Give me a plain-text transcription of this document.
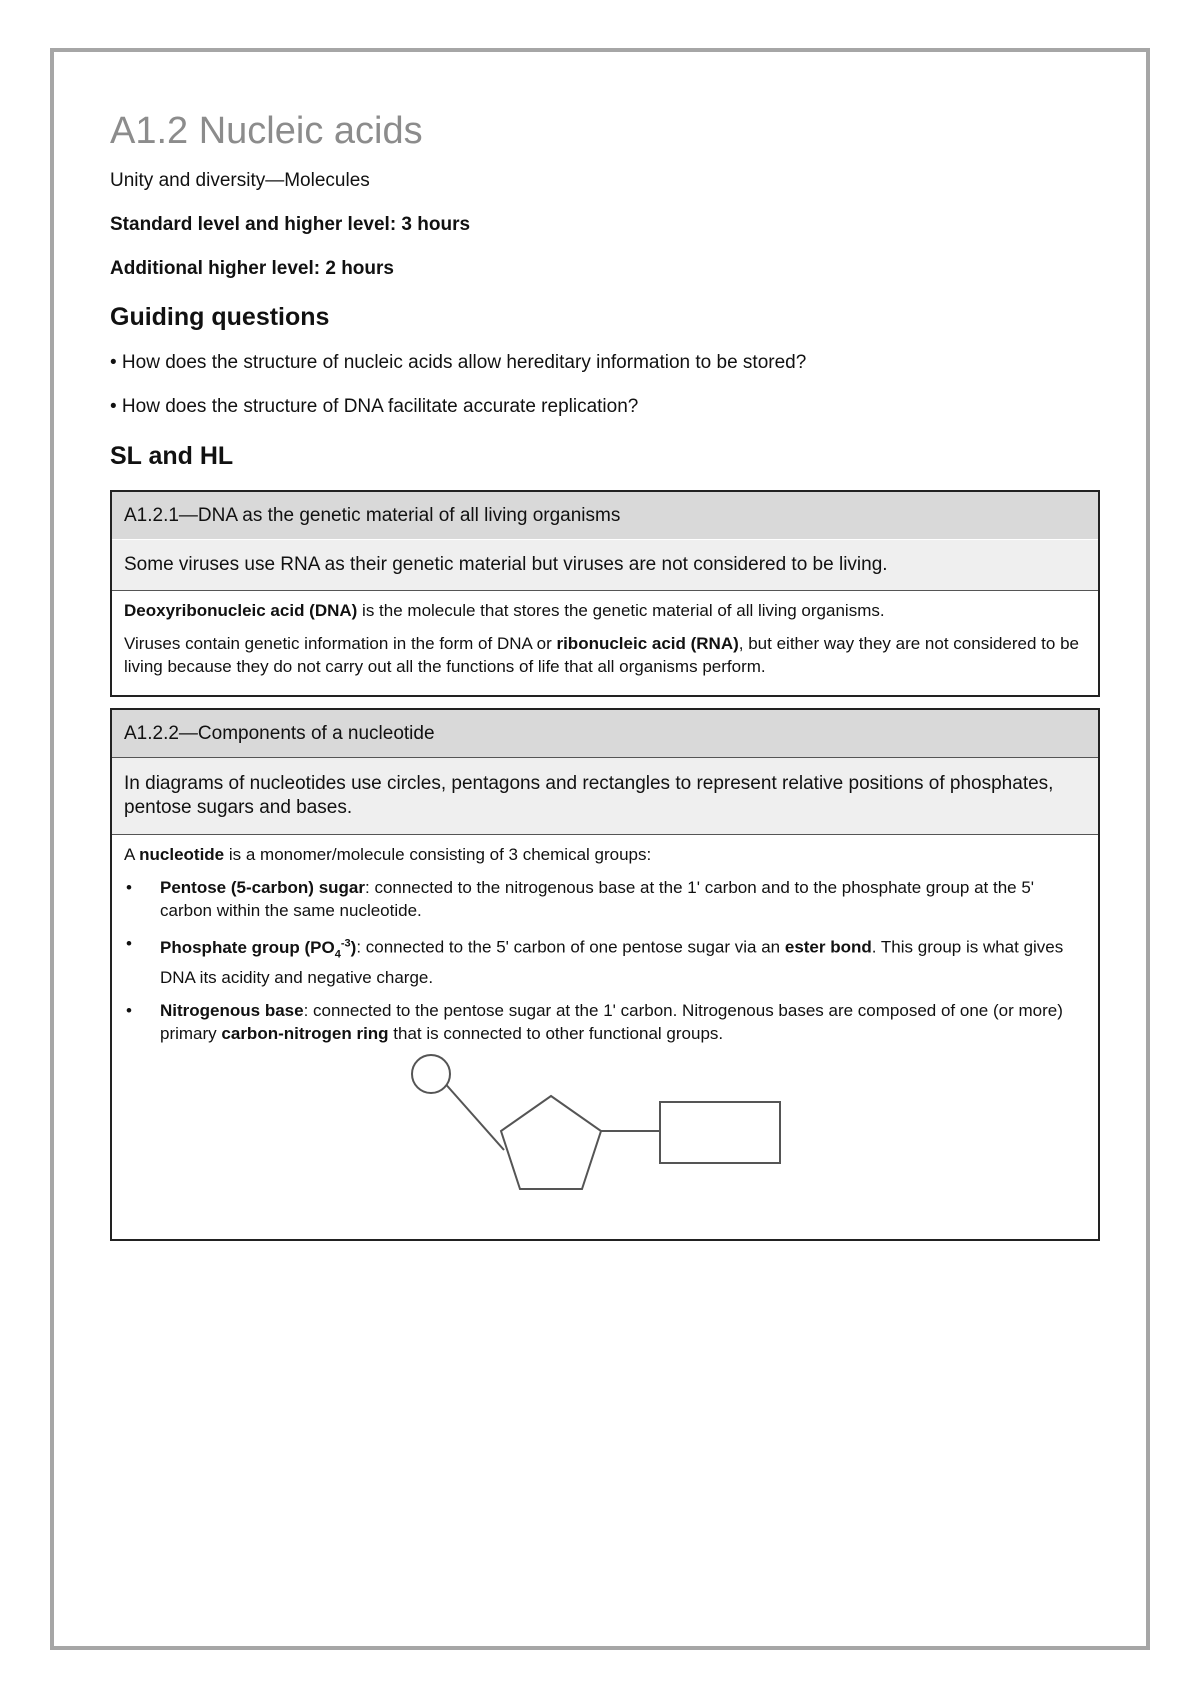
A1.2 Nucleic acids
Unity and diversity—Molecules
Standard level and higher level: 3 hours
Additional higher level: 2 hours
Guiding questions
• How does the structure of nucleic acids allow hereditary information to be stored?
• How does the structure of DNA facilitate accurate replication?
SL and HL
A1.2.1—DNA as the genetic material of all living organisms
Some viruses use RNA as their genetic material but viruses are not considered to be living.

Deoxyribonucleic acid (DNA) is the molecule that stores the genetic material of all living organisms.

Viruses contain genetic information in the form of DNA or ribonucleic acid (RNA), but either way they are not considered to be living because they do not carry out all the functions of life that all organisms perform.

A1.2.2—Components of a nucleotide
In diagrams of nucleotides use circles, pentagons and rectangles to represent relative positions of phosphates, pentose sugars and bases.

A nucleotide is a monomer/molecule consisting of 3 chemical groups:

• Pentose (5-carbon) sugar: connected to the nitrogenous base at the 1' carbon and to the phosphate group at the 5' carbon within the same nucleotide.
• Phosphate group $(PO_4^{-3})$: connected to the 5' carbon of one pentose sugar via an ester bond. This group is what gives DNA its acidity and negative charge.
• Nitrogenous base: connected to the pentose sugar at the 1' carbon. Nitrogenous bases are composed of one (or more) primary carbon-nitrogen ring that is connected to other functional groups.
